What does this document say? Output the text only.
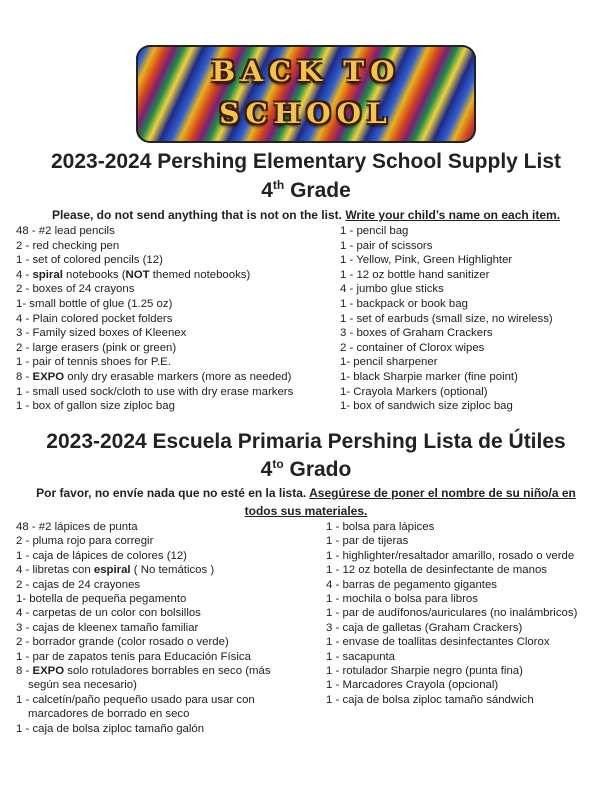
BACK TO
SCHOOL
2023-2024 Pershing Elementary School Supply List
4th Grade
Please, do not send anything that is not on the list. Write your child’s name on each item.
48 - #2 lead pencils
2 - red checking pen
1 - set of colored pencils (12)
4 - spiral notebooks (NOT themed notebooks)
2 - boxes of 24 crayons
1- small bottle of glue (1.25 oz)
4 - Plain colored pocket folders
3 - Family sized boxes of Kleenex
2 - large erasers (pink or green)
1 - pair of tennis shoes for P.E.
8 - EXPO only dry erasable markers (more as needed)
1 - small used sock/cloth to use with dry erase markers
1 - box of gallon size ziploc bag
1 - pencil bag
1 - pair of scissors
1 - Yellow, Pink, Green Highlighter
1 - 12 oz bottle hand sanitizer
4 - jumbo glue sticks
1 - backpack or book bag
1 - set of earbuds (small size, no wireless)
3 - boxes of Graham Crackers
2 - container of Clorox wipes
1- pencil sharpener
1- black Sharpie marker (fine point)
1- Crayola Markers (optional)
1- box of sandwich size ziploc bag
2023-2024 Escuela Primaria Pershing Lista de Útiles
$4^{to}$ Grado
Por favor, no envíe nada que no esté en la lista. Asegúrese de poner el nombre de su niño/a en todos sus materiales.
48 - #2 lápices de punta
2 - pluma rojo para corregir
1 - caja de lápices de colores (12)
4 - libretas con espiral ( No temáticos )
2 - cajas de 24 crayones
1- botella de pequeña pegamento
4 - carpetas de un color con bolsillos
3 - cajas de kleenex tamaño familiar
2 - borrador grande (color rosado o verde)
1 - par de zapatos tenis para Educación Física
8 - EXPO solo rotuladores borrables en seco (más
según sea necesario)
1 - calcetín/paño pequeño usado para usar con
marcadores de borrado en seco
1 - caja de bolsa ziploc tamaño galón
1 - bolsa para lápices
1 - par de tijeras
1 - highlighter/resaltador amarillo, rosado o verde
1 - 12 oz botella de desinfectante de manos
4 - barras de pegamento gigantes
1 - mochila o bolsa para libros
1 - par de audífonos/auriculares (no inalámbricos)
3 - caja de galletas (Graham Crackers)
1 - envase de toallitas desinfectantes Clorox
1 - sacapunta
1 - rotulador Sharpie negro (punta fina)
1 - Marcadores Crayola (opcional)
1 - caja de bolsa ziploc tamaño sándwich
